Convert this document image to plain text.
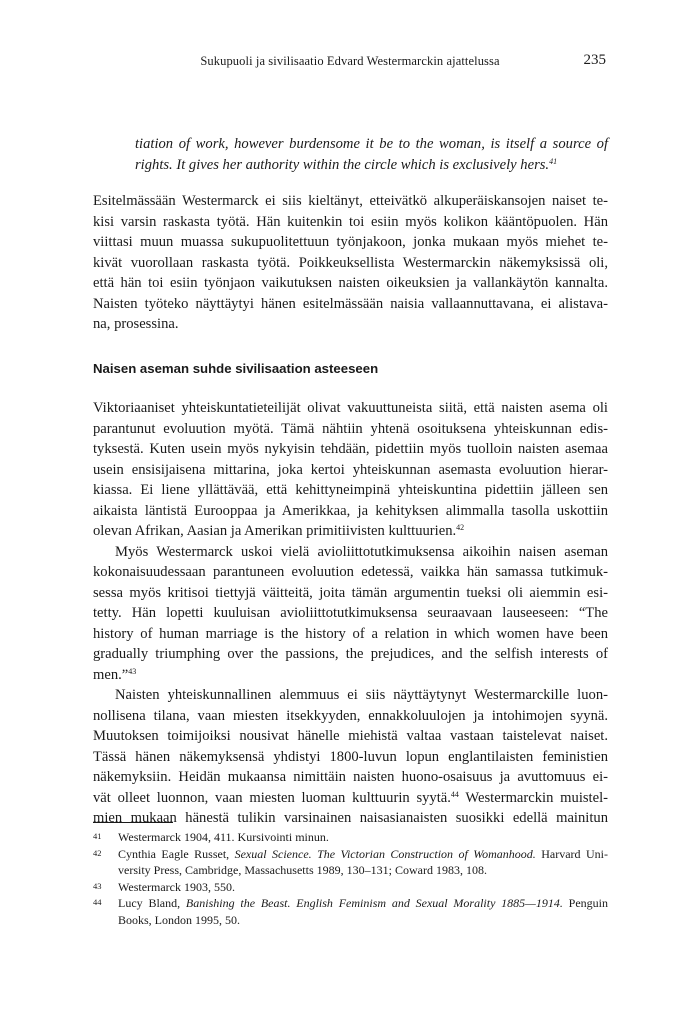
Sukupuoli ja sivilisaatio Edvard Westermarckin ajattelussa	235
tiation of work, however burdensome it be to the woman, is itself a source of
rights. It gives her authority within the circle which is exclusively hers.$^{41}$
Esitelmässään Westermarck ei siis kieltänyt, etteivätkö alkuperäiskansojen naiset te-
kisi varsin raskasta työtä. Hän kuitenkin toi esiin myös kolikon kääntöpuolen. Hän
viittasi muun muassa sukupuolitettuun työnjakoon, jonka mukaan myös miehet te-
kivät vuorollaan raskasta työtä. Poikkeuksellista Westermarckin näkemyksissä oli,
että hän toi esiin työnjaon vaikutuksen naisten oikeuksien ja vallankäytön kannalta.
Naisten työteko näyttäytyi hänen esitelmässään naisia vallaannuttavana, ei alistava-
na, prosessina.
Naisen aseman suhde sivilisaation asteeseen
Viktoriaaniset yhteiskuntatieteilijät olivat vakuuttuneista siitä, että naisten asema oli
parantunut evoluution myötä. Tämä nähtiin yhtenä osoituksena yhteiskunnan edis-
tyksestä. Kuten usein myös nykyisin tehdään, pidettiin myös tuolloin naisten asemaa
usein ensisijaisena mittarina, joka kertoi yhteiskunnan asemasta evoluution hierar-
kiassa. Ei liene yllättävää, että kehittyneimpinä yhteiskuntina pidettiin jälleen sen
aikaista läntistä Eurooppaa ja Amerikkaa, ja kehityksen alimmalla tasolla uskottiin
olevan Afrikan, Aasian ja Amerikan primitiivisten kulttuurien.$^{42}$
Myös Westermarck uskoi vielä avioliittotutkimuksensa aikoihin naisen aseman
kokonaisuudessaan parantuneen evoluution edetessä, vaikka hän samassa tutkimuk-
sessa myös kritisoi tiettyjä väitteitä, joita tämän argumentin tueksi oli aiemmin esi-
tetty. Hän lopetti kuuluisan avioliittotutkimuksensa seuraavaan lauseeseen: “The
history of human marriage is the history of a relation in which women have been
gradually triumphing over the passions, the prejudices, and the selfish interests of
men.”$^{43}$
Naisten yhteiskunnallinen alemmuus ei siis näyttäytynyt Westermarckille luon-
nollisena tilana, vaan miesten itsekkyyden, ennakkoluulojen ja intohimojen syynä.
Muutoksen toimijoiksi nousivat hänelle miehistä valtaa vastaan taistelevat naiset.
Tässä hänen näkemyksensä yhdistyi 1800-luvun lopun englantilaisten feministien
näkemyksiin. Heidän mukaansa nimittäin naisten huono-osaisuus ja avuttomuus ei-
vät olleet luonnon, vaan miesten luoman kulttuurin syytä.$^{44}$ Westermarckin muistel-
mien mukaan hänestä tulikin varsinainen naisasianaisten suosikki edellä mainitun
41 Westermarck 1904, 411. Kursivointi minun.
42 Cynthia Eagle Russet, Sexual Science. The Victorian Construction of Womanhood. Harvard Uni-
versity Press, Cambridge, Massachusetts 1989, 130–131; Coward 1983, 108.
43 Westermarck 1903, 550.
44 Lucy Bland, Banishing the Beast. English Feminism and Sexual Morality 1885—1914. Penguin
Books, London 1995, 50.
